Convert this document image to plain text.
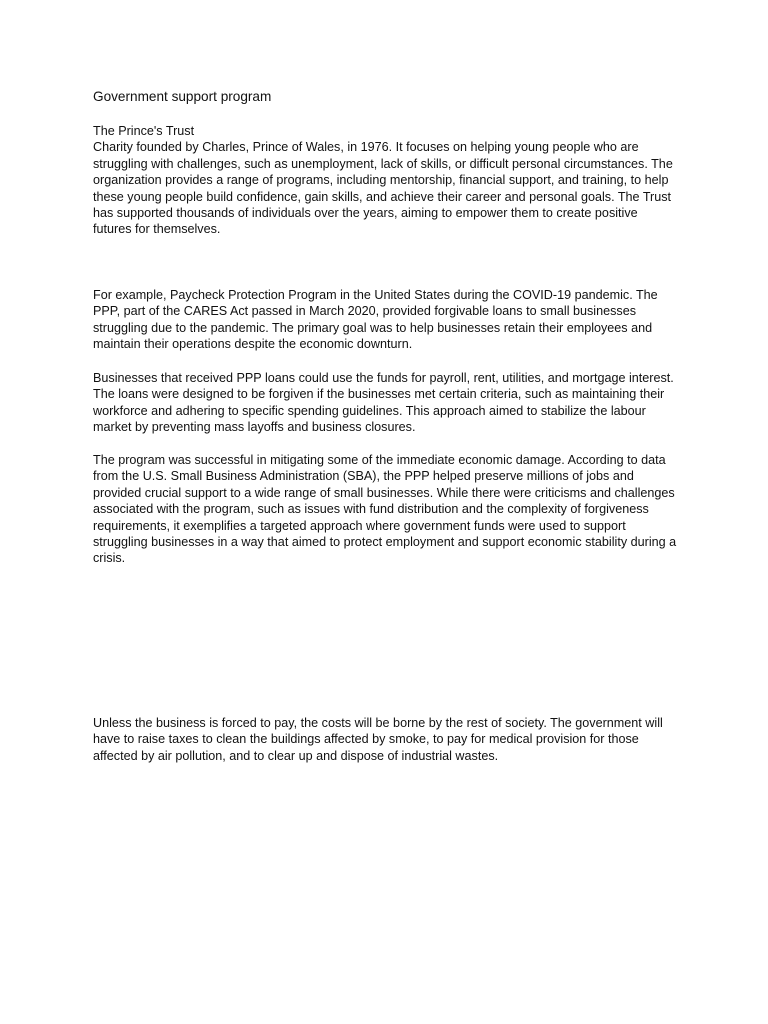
Government support program
The Prince's Trust
Charity founded by Charles, Prince of Wales, in 1976. It focuses on helping young people who are struggling with challenges, such as unemployment, lack of skills, or difficult personal circumstances. The organization provides a range of programs, including mentorship, financial support, and training, to help these young people build confidence, gain skills, and achieve their career and personal goals. The Trust has supported thousands of individuals over the years, aiming to empower them to create positive futures for themselves.

For example, Paycheck Protection Program in the United States during the COVID-19 pandemic. The PPP, part of the CARES Act passed in March 2020, provided forgivable loans to small businesses struggling due to the pandemic. The primary goal was to help businesses retain their employees and maintain their operations despite the economic downturn.

Businesses that received PPP loans could use the funds for payroll, rent, utilities, and mortgage interest. The loans were designed to be forgiven if the businesses met certain criteria, such as maintaining their workforce and adhering to specific spending guidelines. This approach aimed to stabilize the labour market by preventing mass layoffs and business closures.

The program was successful in mitigating some of the immediate economic damage. According to data from the U.S. Small Business Administration (SBA), the PPP helped preserve millions of jobs and provided crucial support to a wide range of small businesses. While there were criticisms and challenges associated with the program, such as issues with fund distribution and the complexity of forgiveness requirements, it exemplifies a targeted approach where government funds were used to support struggling businesses in a way that aimed to protect employment and support economic stability during a crisis.

Unless the business is forced to pay, the costs will be borne by the rest of society. The government will have to raise taxes to clean the buildings affected by smoke, to pay for medical provision for those affected by air pollution, and to clear up and dispose of industrial wastes.
